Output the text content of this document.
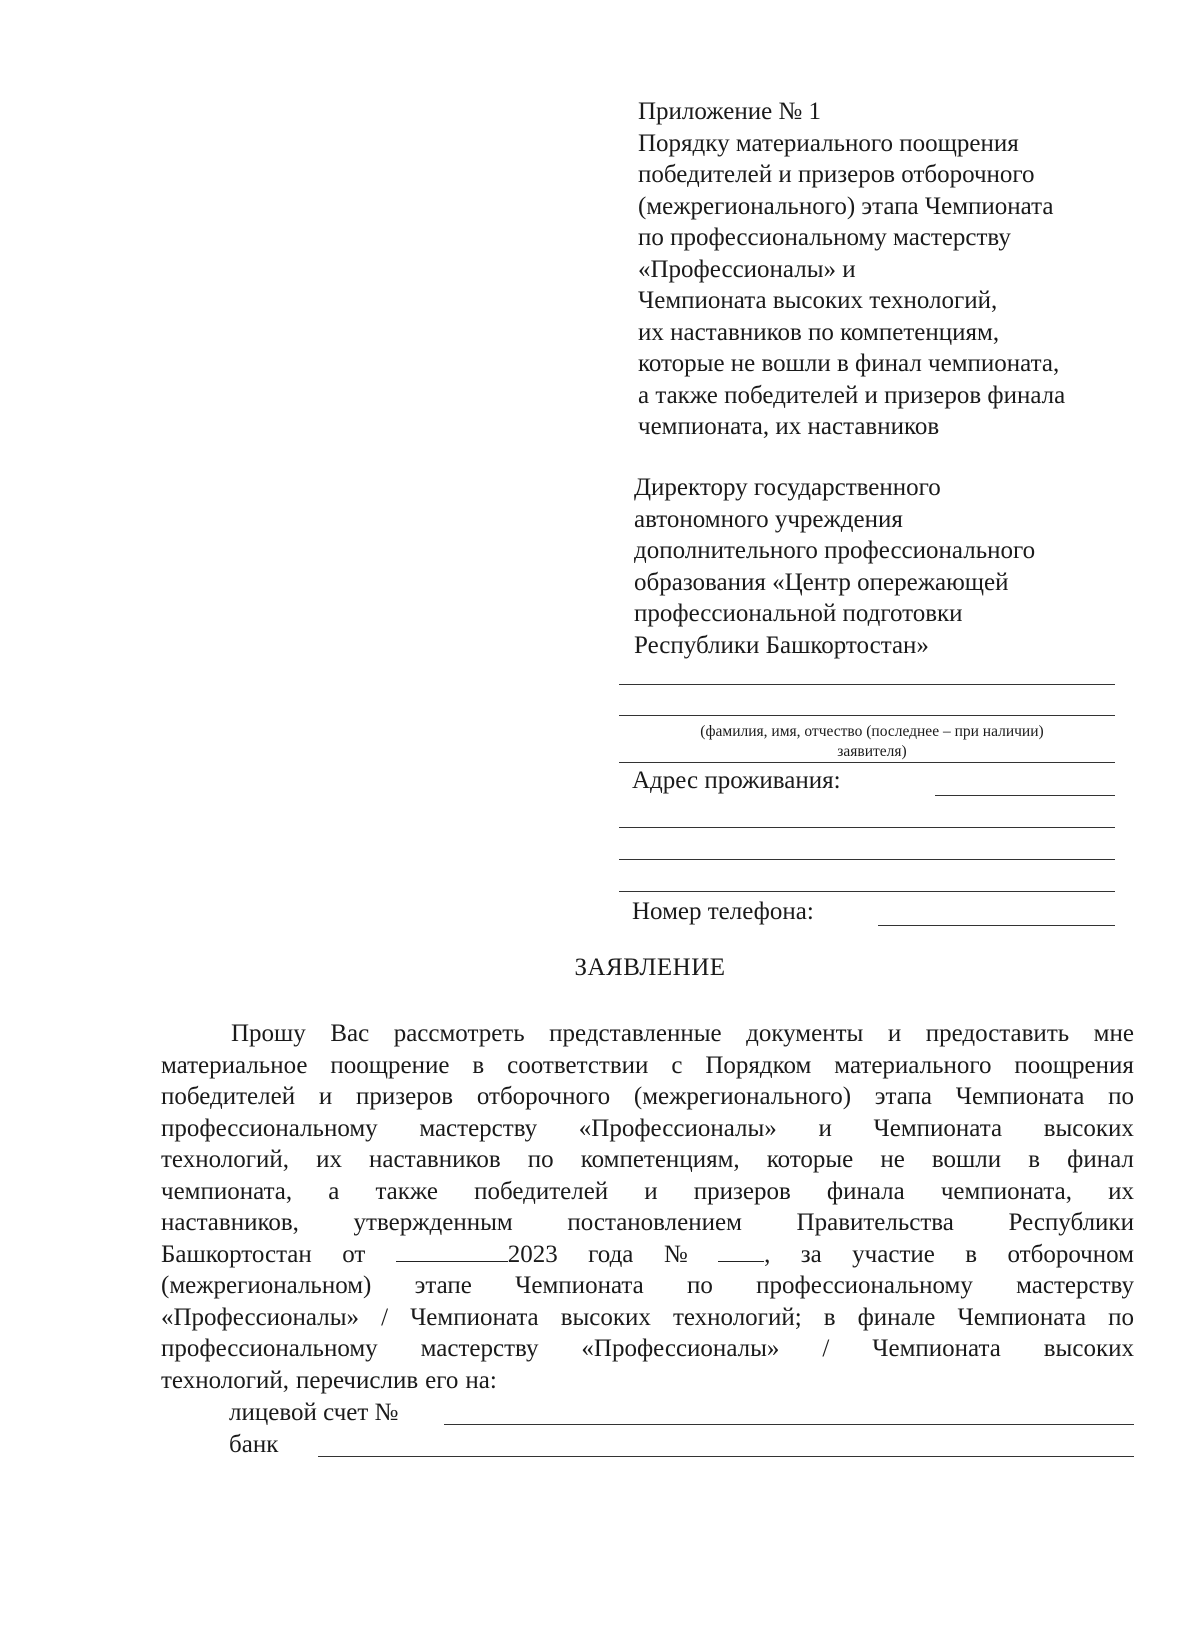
Приложение № 1
Порядку материального поощрения
победителей и призеров отборочного
(межрегионального) этапа Чемпионата
по профессиональному мастерству
«Профессионалы» и
Чемпионата высоких технологий,
их наставников по компетенциям,
которые не вошли в финал чемпионата,
а также победителей и призеров финала
чемпионата, их наставников
Директору государственного
автономного учреждения
дополнительного профессионального
образования «Центр опережающей
профессиональной подготовки
Республики Башкортостан»
(фамилия, имя, отчество (последнее – при наличии)
заявителя)
Адрес проживания:
Номер телефона:
ЗАЯВЛЕНИЕ
Прошу Вас рассмотреть представленные документы и предоставить мне
материальное поощрение в соответствии с Порядком материального поощрения
победителей и призеров отборочного (межрегионального) этапа Чемпионата по
профессиональному мастерству «Профессионалы» и Чемпионата высоких
технологий, их наставников по компетенциям, которые не вошли в финал
чемпионата, а также победителей и призеров финала чемпионата, их
наставников, утвержденным постановлением Правительства Республики
Башкортостан от	2023 года №	, за участие в отборочном
(межрегиональном) этапе Чемпионата по профессиональному мастерству
«Профессионалы» / Чемпионата высоких технологий; в финале Чемпионата по
профессиональному мастерству «Профессионалы» / Чемпионата высоких
технологий, перечислив его на:
лицевой счет №
банк
